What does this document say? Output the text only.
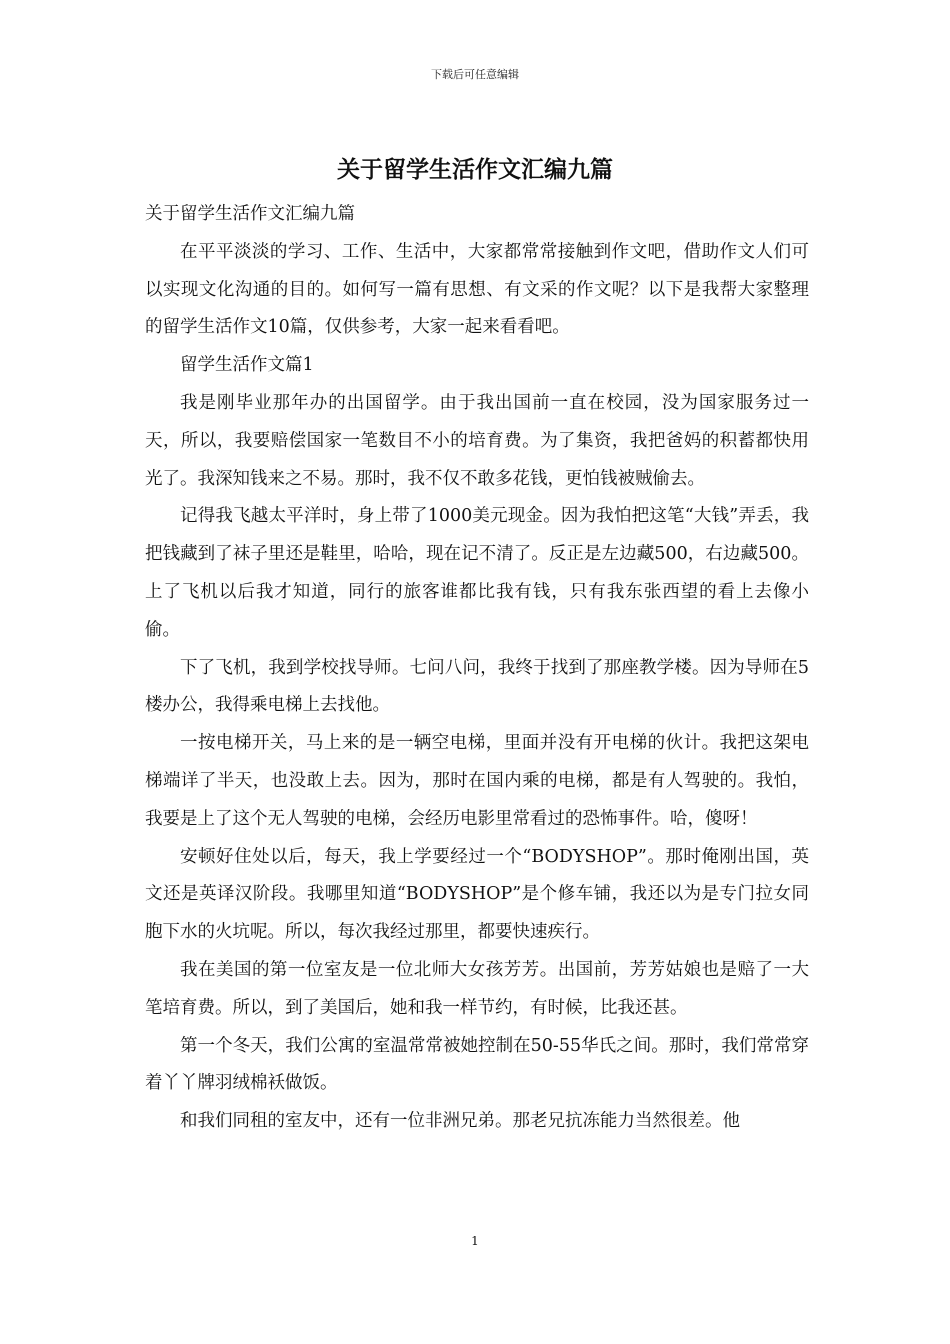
下载后可任意编辑
关于留学生活作文汇编九篇

关于留学生活作文汇编九篇

在平平淡淡的学习、工作、生活中，大家都常常接触到作文吧，借助作文人们可以实现文化沟通的目的。如何写一篇有思想、有文采的作文呢？以下是我帮大家整理的留学生活作文10篇，仅供参考，大家一起来看看吧。

留学生活作文篇1

我是刚毕业那年办的出国留学。由于我出国前一直在校园，没为国家服务过一天，所以，我要赔偿国家一笔数目不小的培育费。为了集资，我把爸妈的积蓄都快用光了。我深知钱来之不易。那时，我不仅不敢多花钱，更怕钱被贼偷去。

记得我飞越太平洋时，身上带了1000美元现金。因为我怕把这笔“大钱”弄丢，我把钱藏到了袜子里还是鞋里，哈哈，现在记不清了。反正是左边藏500，右边藏500。上了飞机以后我才知道，同行的旅客谁都比我有钱，只有我东张西望的看上去像小偷。

下了飞机，我到学校找导师。七问八问，我终于找到了那座教学楼。因为导师在5楼办公，我得乘电梯上去找他。

一按电梯开关，马上来的是一辆空电梯，里面并没有开电梯的伙计。我把这架电梯端详了半天，也没敢上去。因为，那时在国内乘的电梯，都是有人驾驶的。我怕，我要是上了这个无人驾驶的电梯，会经历电影里常看过的恐怖事件。哈，傻呀！

安顿好住处以后，每天，我上学要经过一个“BODYSHOP”。那时俺刚出国，英文还是英译汉阶段。我哪里知道“BODYSHOP”是个修车铺，我还以为是专门拉女同胞下水的火坑呢。所以，每次我经过那里，都要快速疾行。

我在美国的第一位室友是一位北师大女孩芳芳。出国前，芳芳姑娘也是赔了一大笔培育费。所以，到了美国后，她和我一样节约，有时候，比我还甚。

第一个冬天，我们公寓的室温常常被她控制在50-55华氏之间。那时，我们常常穿着丫丫牌羽绒棉袄做饭。

和我们同租的室友中，还有一位非洲兄弟。那老兄抗冻能力当然很差。他

1
